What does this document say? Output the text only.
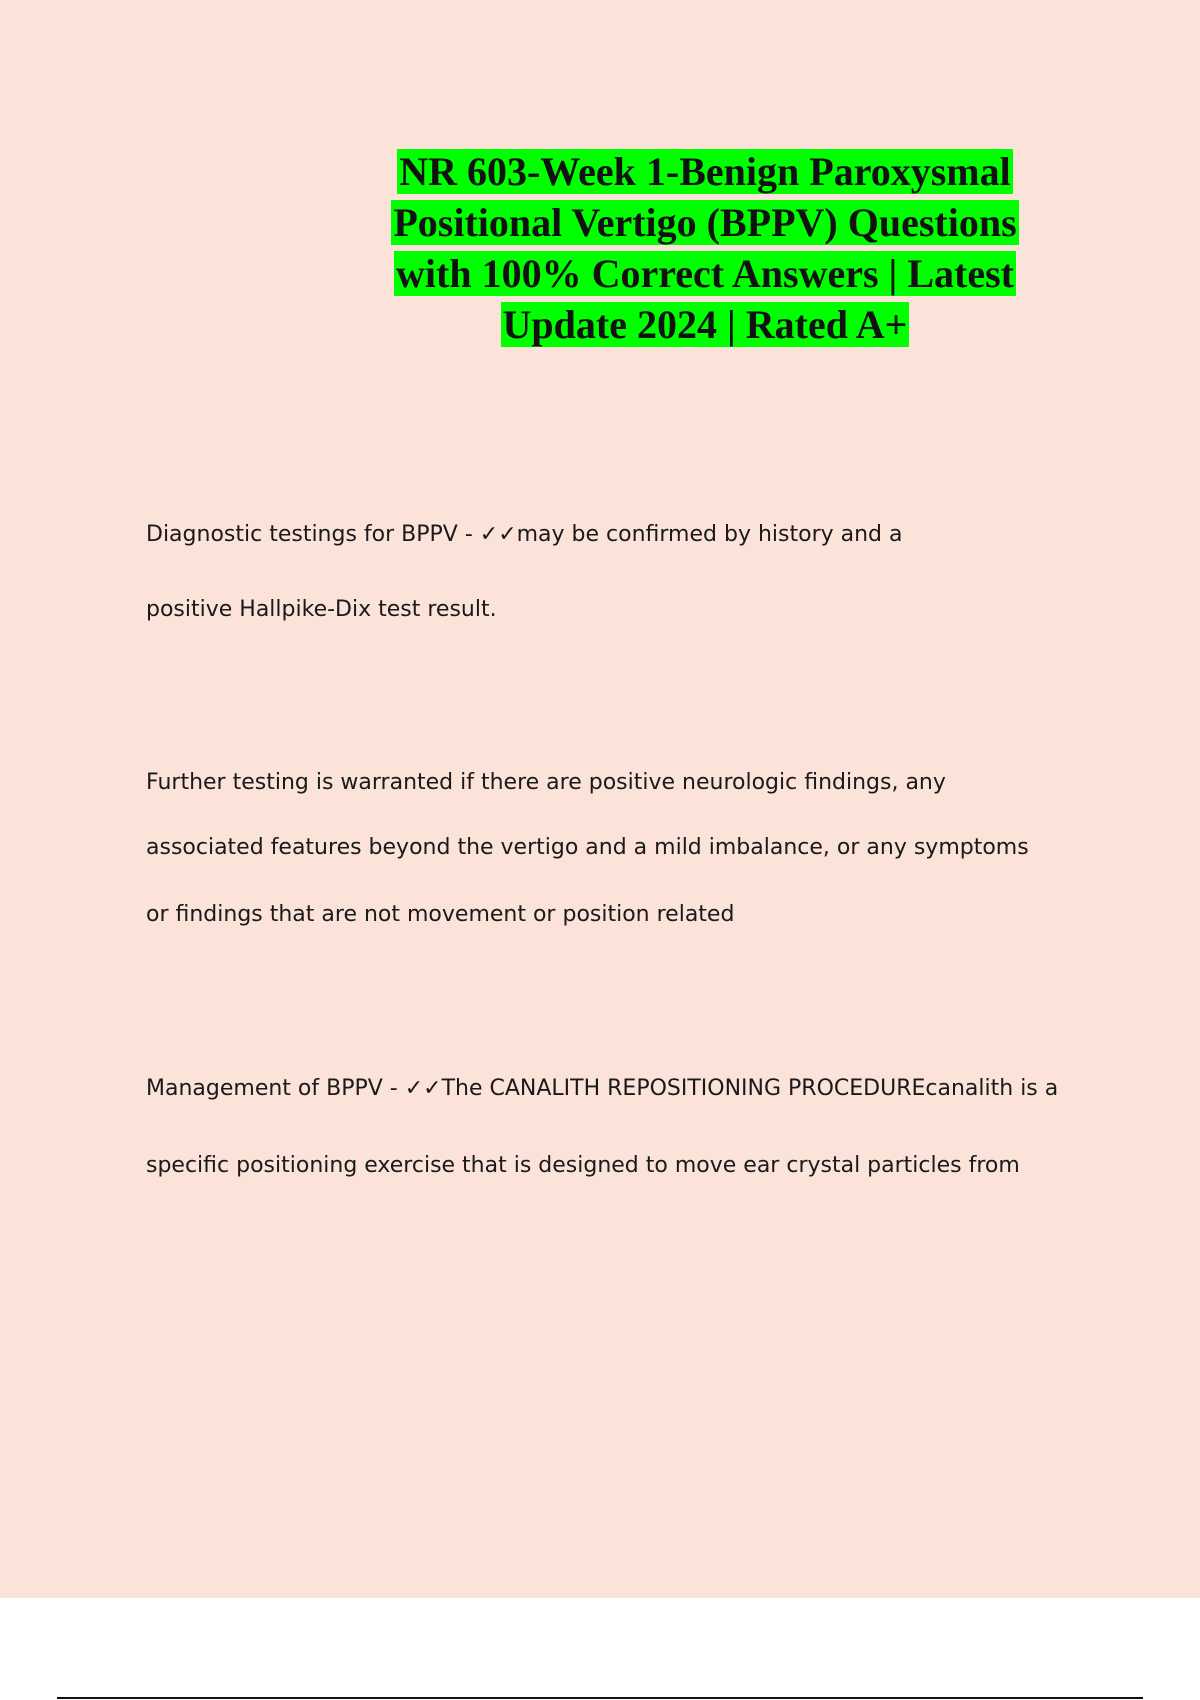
NR 603-Week 1-Benign Paroxysmal
Positional Vertigo (BPPV) Questions
with 100% Correct Answers | Latest
Update 2024 | Rated A+
Diagnostic testings for BPPV - ✓✓may be confirmed by history and a
positive Hallpike-Dix test result.
Further testing is warranted if there are positive neurologic findings, any
associated features beyond the vertigo and a mild imbalance, or any symptoms
or findings that are not movement or position related
Management of BPPV - ✓✓The CANALITH REPOSITIONING PROCEDUREcanalith is a
specific positioning exercise that is designed to move ear crystal particles from
